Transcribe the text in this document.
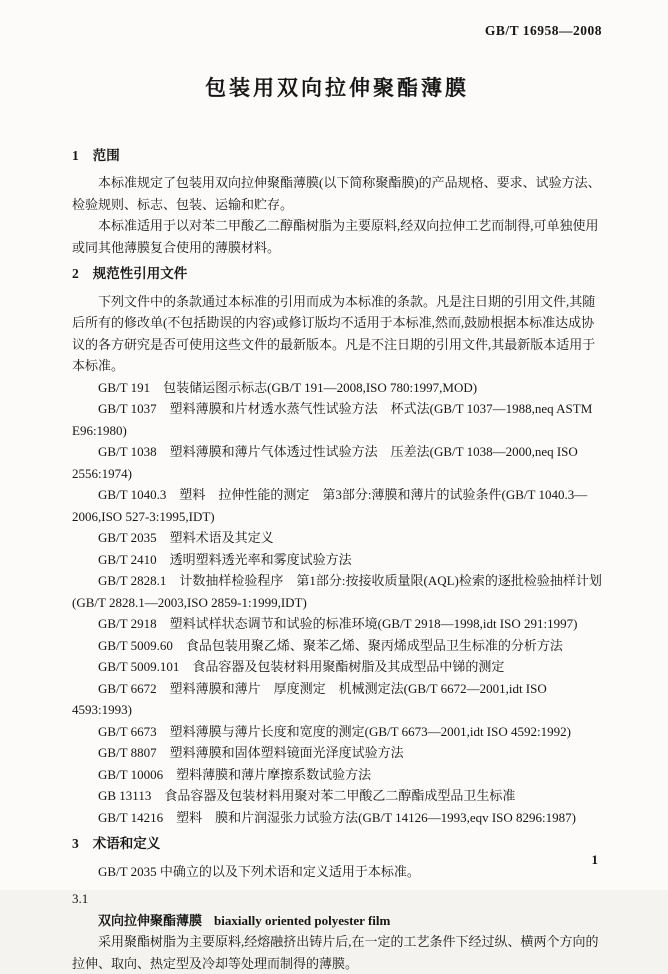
GB/T 16958—2008
包装用双向拉伸聚酯薄膜
1 范围

本标准规定了包装用双向拉伸聚酯薄膜(以下简称聚酯膜)的产品规格、要求、试验方法、检验规则、标志、包装、运输和贮存。

本标准适用于以对苯二甲酸乙二醇酯树脂为主要原料,经双向拉伸工艺而制得,可单独使用或同其他薄膜复合使用的薄膜材料。

2 规范性引用文件

下列文件中的条款通过本标准的引用而成为本标准的条款。凡是注日期的引用文件,其随后所有的修改单(不包括勘误的内容)或修订版均不适用于本标准,然而,鼓励根据本标准达成协议的各方研究是否可使用这些文件的最新版本。凡是不注日期的引用文件,其最新版本适用于本标准。

GB/T 191　包装储运图示标志(GB/T 191—2008,ISO 780:1997,MOD)

GB/T 1037　塑料薄膜和片材透水蒸气性试验方法　杯式法(GB/T 1037—1988,neq ASTM E96:1980)

GB/T 1038　塑料薄膜和薄片气体透过性试验方法　压差法(GB/T 1038—2000,neq ISO 2556:1974)

GB/T 1040.3　塑料　拉伸性能的测定　第3部分:薄膜和薄片的试验条件(GB/T 1040.3—2006,ISO 527-3:1995,IDT)

GB/T 2035　塑料术语及其定义

GB/T 2410　透明塑料透光率和雾度试验方法

GB/T 2828.1　计数抽样检验程序　第1部分:按接收质量限(AQL)检索的逐批检验抽样计划(GB/T 2828.1—2003,ISO 2859-1:1999,IDT)

GB/T 2918　塑料试样状态调节和试验的标准环境(GB/T 2918—1998,idt ISO 291:1997)

GB/T 5009.60　食品包装用聚乙烯、聚苯乙烯、聚丙烯成型品卫生标准的分析方法

GB/T 5009.101　食品容器及包装材料用聚酯树脂及其成型品中锑的测定

GB/T 6672　塑料薄膜和薄片　厚度测定　机械测定法(GB/T 6672—2001,idt ISO 4593:1993)

GB/T 6673　塑料薄膜与薄片长度和宽度的测定(GB/T 6673—2001,idt ISO 4592:1992)

GB/T 8807　塑料薄膜和固体塑料镜面光泽度试验方法

GB/T 10006　塑料薄膜和薄片摩擦系数试验方法

GB 13113　食品容器及包装材料用聚对苯二甲酸乙二醇酯成型品卫生标准

GB/T 14216　塑料　膜和片润湿张力试验方法(GB/T 14126—1993,eqv ISO 8296:1987)

3 术语和定义

GB/T 2035 中确立的以及下列术语和定义适用于本标准。

3.1

双向拉伸聚酯薄膜 biaxially oriented polyester film

采用聚酯树脂为主要原料,经熔融挤出铸片后,在一定的工艺条件下经过纵、横两个方向的拉伸、取向、热定型及冷却等处理而制得的薄膜。

1
